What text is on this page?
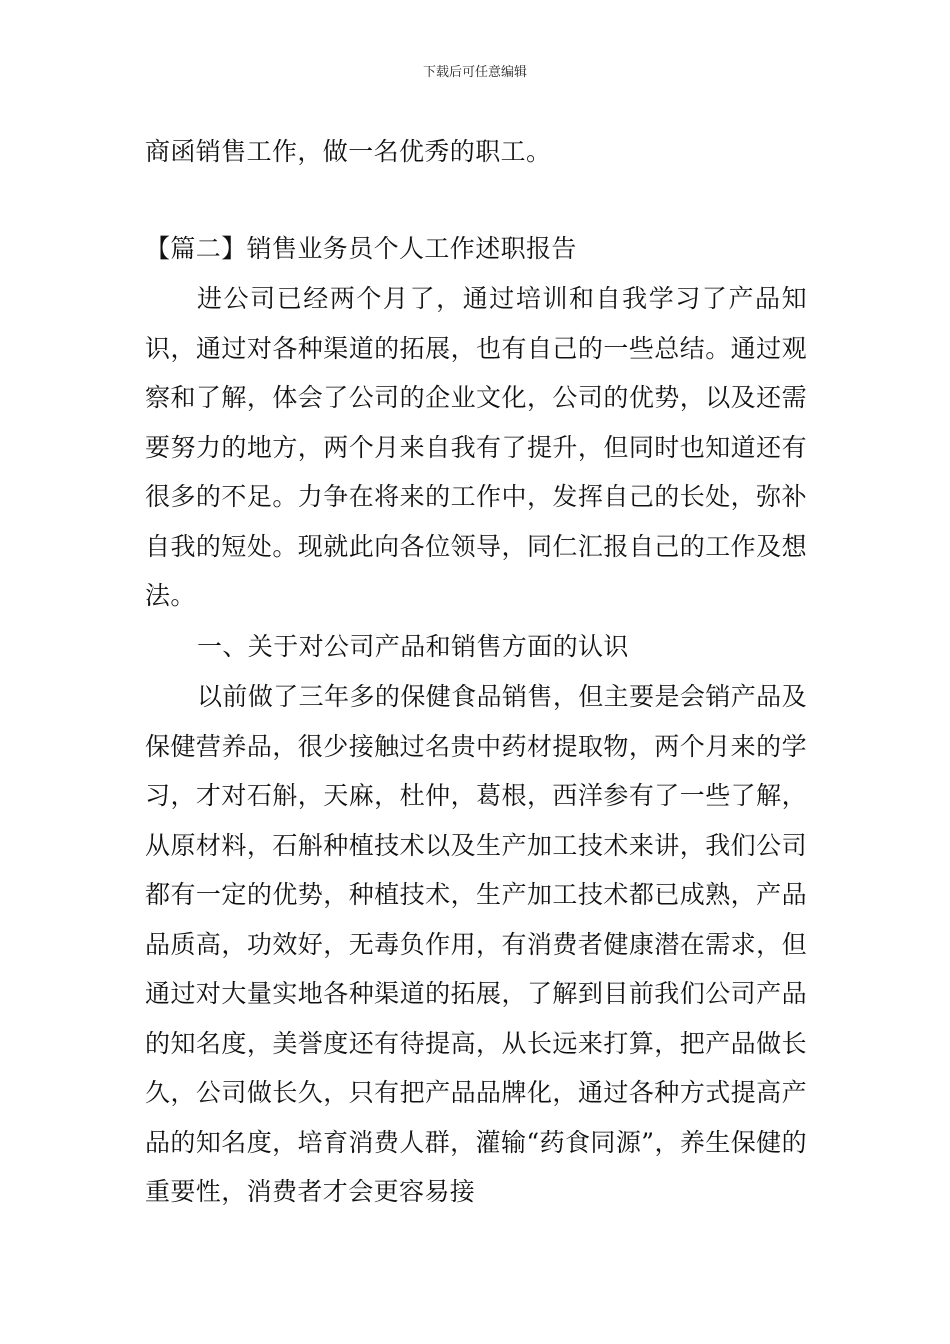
下载后可任意编辑

商函销售工作，做一名优秀的职工。

【篇二】销售业务员个人工作述职报告

进公司已经两个月了，通过培训和自我学习了产品知识，通过对各种渠道的拓展，也有自己的一些总结。通过观察和了解，体会了公司的企业文化，公司的优势，以及还需要努力的地方，两个月来自我有了提升，但同时也知道还有很多的不足。力争在将来的工作中，发挥自己的长处，弥补自我的短处。现就此向各位领导，同仁汇报自己的工作及想法。

一、关于对公司产品和销售方面的认识

以前做了三年多的保健食品销售，但主要是会销产品及保健营养品，很少接触过名贵中药材提取物，两个月来的学习，才对石斛，天麻，杜仲，葛根，西洋参有了一些了解，从原材料，石斛种植技术以及生产加工技术来讲，我们公司都有一定的优势，种植技术，生产加工技术都已成熟，产品品质高，功效好，无毒负作用，有消费者健康潜在需求，但通过对大量实地各种渠道的拓展，了解到目前我们公司产品的知名度，美誉度还有待提高，从长远来打算，把产品做长久，公司做长久，只有把产品品牌化，通过各种方式提高产品的知名度，培育消费人群，灌输“药食同源”，养生保健的重要性，消费者才会更容易接
